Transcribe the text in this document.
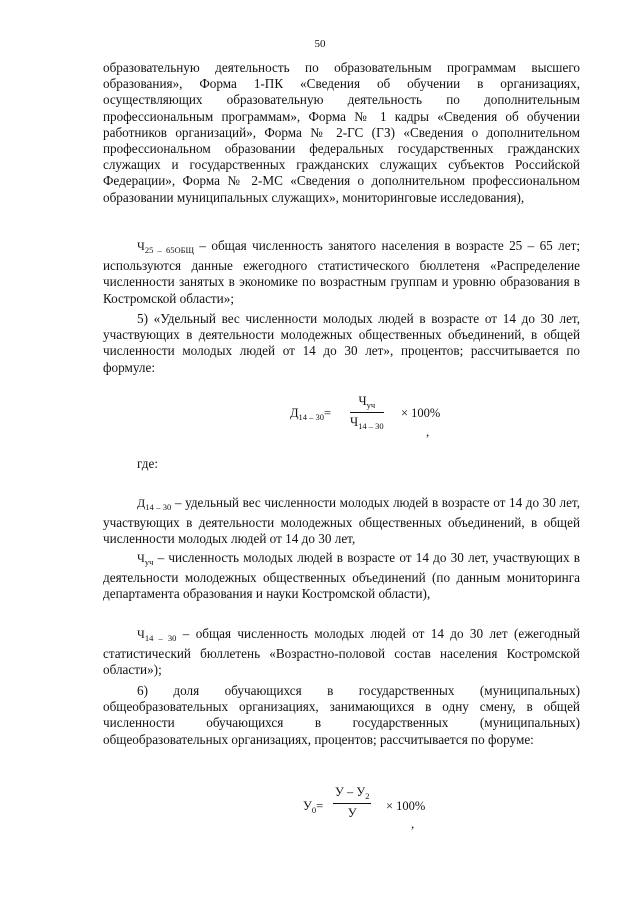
50

образовательную деятельность по образовательным программам высшего образования», Форма 1-ПК «Сведения об обучении в организациях, осуществляющих образовательную деятельность по дополнительным профессиональным программам», Форма № 1 кадры «Сведения об обучении работников организаций», Форма № 2-ГС (ГЗ) «Сведения о дополнительном профессиональном образовании федеральных государственных гражданских служащих и государственных гражданских служащих субъектов Российской Федерации», Форма № 2-МС «Сведения о дополнительном профессиональном образовании муниципальных служащих», мониторинговые исследования),

$Ч_{25 - 65ОБЩ}$ – общая численность занятого населения в возрасте 25 – 65 лет; используются данные ежегодного статистического бюллетеня «Распределение численности занятых в экономике по возрастным группам и уровню образования в Костромской области»;

5) «Удельный вес численности молодых людей в возрасте от 14 до 30 лет, участвующих в деятельности молодежных общественных объединений, в общей численности молодых людей от 14 до 30 лет», процентов; рассчитывается по формуле:

$Д_{14 - 30}=$
$Ч_{уч}$
$Ч_{14 - 30}$
× 100%
,
где:

$Д_{14 - 30}$ – удельный вес численности молодых людей в возрасте от 14 до 30 лет, участвующих в деятельности молодежных общественных объединений, в общей численности молодых людей от 14 до 30 лет,

$Ч_{уч}$ – численность молодых людей в возрасте от 14 до 30 лет, участвующих в деятельности молодежных общественных объединений (по данным мониторинга департамента образования и науки Костромской области),

$Ч_{14 - 30}$ – общая численность молодых людей от 14 до 30 лет (ежегодный статистический бюллетень «Возрастно-половой состав населения Костромской области»);

6) доля обучающихся в государственных (муниципальных) общеобразовательных организациях, занимающихся в одну смену, в общей численности обучающихся в государственных (муниципальных) общеобразовательных организациях, процентов; рассчитывается по форуме:

$У_0=$
У – $У_2$
У	× 100%
,
